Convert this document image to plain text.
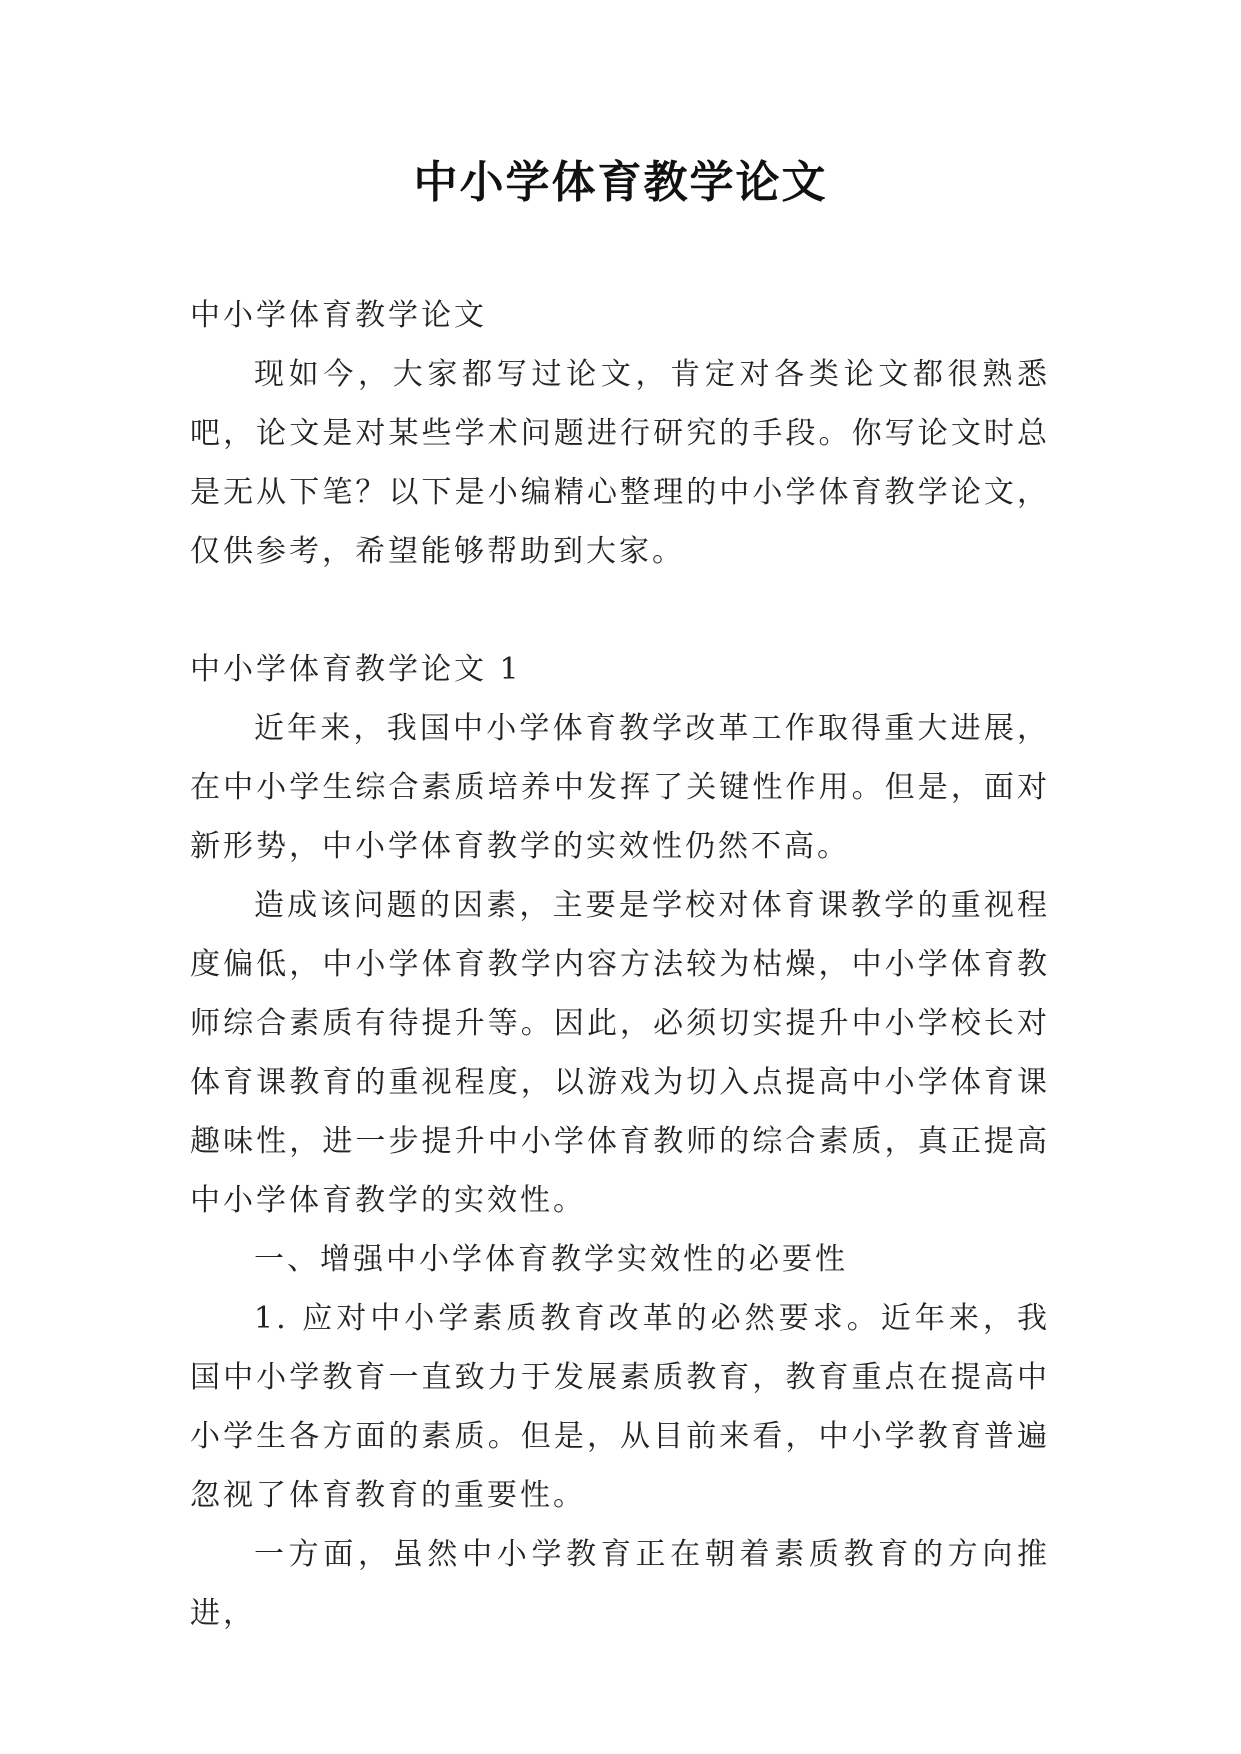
中小学体育教学论文

中小学体育教学论文

现如今，大家都写过论文，肯定对各类论文都很熟悉吧，论文是对某些学术问题进行研究的手段。你写论文时总是无从下笔？以下是小编精心整理的中小学体育教学论文，仅供参考，希望能够帮助到大家。

中小学体育教学论文 1

近年来，我国中小学体育教学改革工作取得重大进展，在中小学生综合素质培养中发挥了关键性作用。但是，面对新形势，中小学体育教学的实效性仍然不高。

造成该问题的因素，主要是学校对体育课教学的重视程度偏低，中小学体育教学内容方法较为枯燥，中小学体育教师综合素质有待提升等。因此，必须切实提升中小学校长对体育课教育的重视程度，以游戏为切入点提高中小学体育课趣味性，进一步提升中小学体育教师的综合素质，真正提高中小学体育教学的实效性。

一、增强中小学体育教学实效性的必要性

1. 应对中小学素质教育改革的必然要求。近年来，我国中小学教育一直致力于发展素质教育，教育重点在提高中小学生各方面的素质。但是，从目前来看，中小学教育普遍忽视了体育教育的重要性。

一方面，虽然中小学教育正在朝着素质教育的方向推进，
